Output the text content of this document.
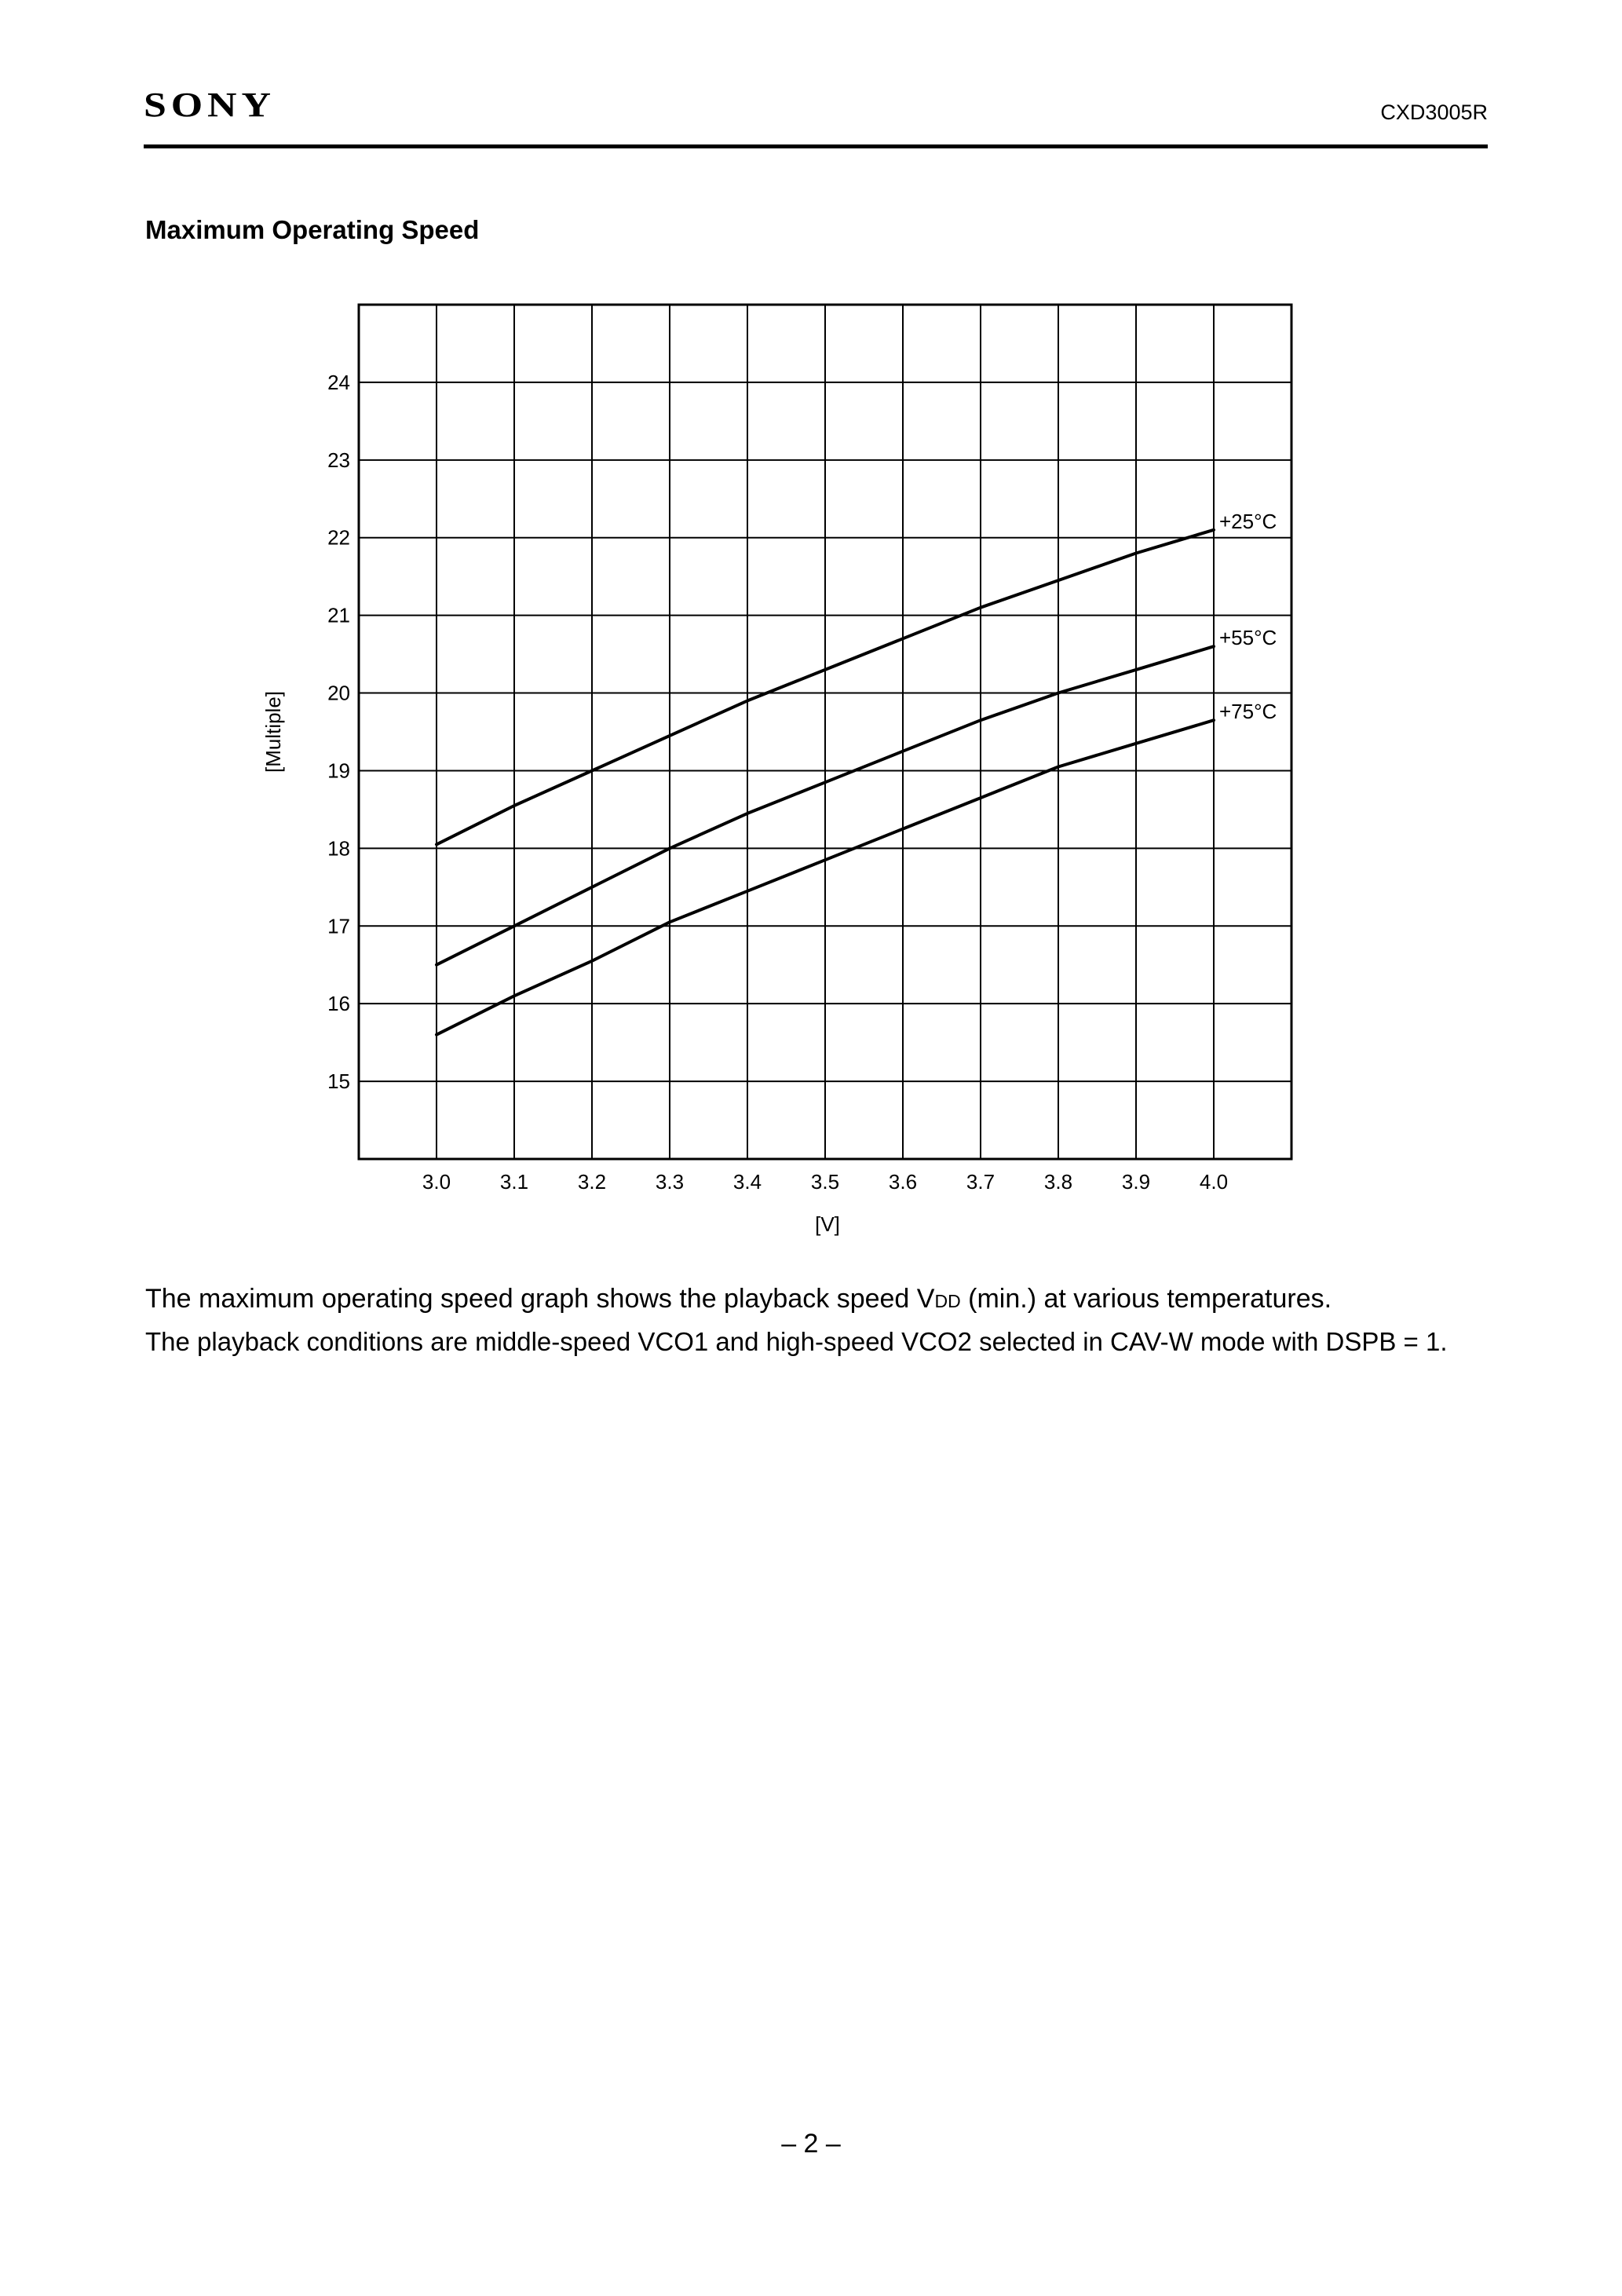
SONY	CXD3005R
Maximum Operating Speed
15
16
17
18
19
20
21
22
23
24
3.0 3.1 3.2 3.3 3.4 3.5 3.6 3.7 3.8 3.9 4.0
[V]
[Multiple]
+25°C
+55°C
+75°C
The maximum operating speed graph shows the playback speed VDD (min.) at various temperatures.
The playback conditions are middle-speed VCO1 and high-speed VCO2 selected in CAV-W mode with DSPB = 1.
– 2 –
